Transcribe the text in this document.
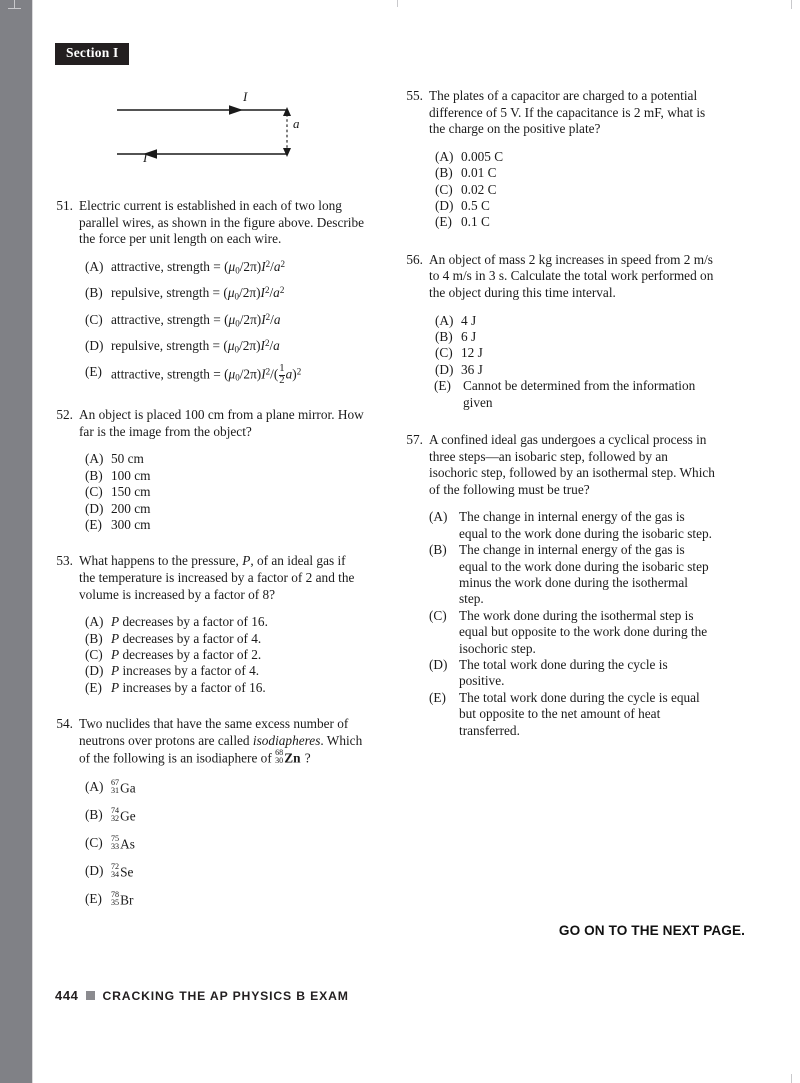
Section I
I
I
a
51. Electric current is established in each of two long parallel wires, as shown in the figure above. Describe the force per unit length on each wire.
(A) attractive, strength = $(\mu_0/2\pi)I^2/a^2$
(B) repulsive, strength = $(\mu_0/2\pi)I^2/a^2$
(C) attractive, strength = $(\mu_0/2\pi)I^2/a$
(D) repulsive, strength = $(\mu_0/2\pi)I^2/a$
(E) attractive, strength = $(\mu_0/2\pi)I^2/( \frac{1}{2} a)^2$
52. An object is placed 100 cm from a plane mirror. How far is the image from the object?
(A) 50 cm
(B) 100 cm
(C) 150 cm
(D) 200 cm
(E) 300 cm
53. What happens to the pressure, P, of an ideal gas if the temperature is increased by a factor of 2 and the volume is increased by a factor of 8?
(A) P decreases by a factor of 16.
(B) P decreases by a factor of 4.
(C) P decreases by a factor of 2.
(D) P increases by a factor of 4.
(E) P increases by a factor of 16.
54. Two nuclides that have the same excess number of neutrons over protons are called isodiapheres. Which of the following is an isodiaphere of 68
30 Zn ?
(A) 67
31 Ga
(B)	74
32 Ge
(C)	75
33 As
(D) 72
34 Se
(E)	78
35 Br
55. The plates of a capacitor are charged to a potential difference of 5 V. If the capacitance is 2 mF, what is the charge on the positive plate?
(A) 0.005 C
(B) 0.01 C
(C) 0.02 C
(D) 0.5 C
(E) 0.1 C
56. An object of mass 2 kg increases in speed from 2 m/s to 4 m/s in 3 s. Calculate the total work performed on the object during this time interval.
(A) 4 J
(B) 6 J
(C) 12 J
(D) 36 J
(E) Cannot be determined from the information given
57. A confined ideal gas undergoes a cyclical process in three steps—an isobaric step, followed by an isochoric step, followed by an isothermal step. Which of the following must be true?
(A) The change in internal energy of the gas is equal to the work done during the isobaric step.
(B) The change in internal energy of the gas is equal to the work done during the isobaric step minus the work done during the isothermal step.
(C) The work done during the isothermal step is equal but opposite to the work done during the isochoric step.
(D) The total work done during the cycle is positive.
(E) The total work done during the cycle is equal but opposite to the net amount of heat transferred.
GO ON TO THE NEXT PAGE.
444 CRACKING THE AP PHYSICS B EXAM
